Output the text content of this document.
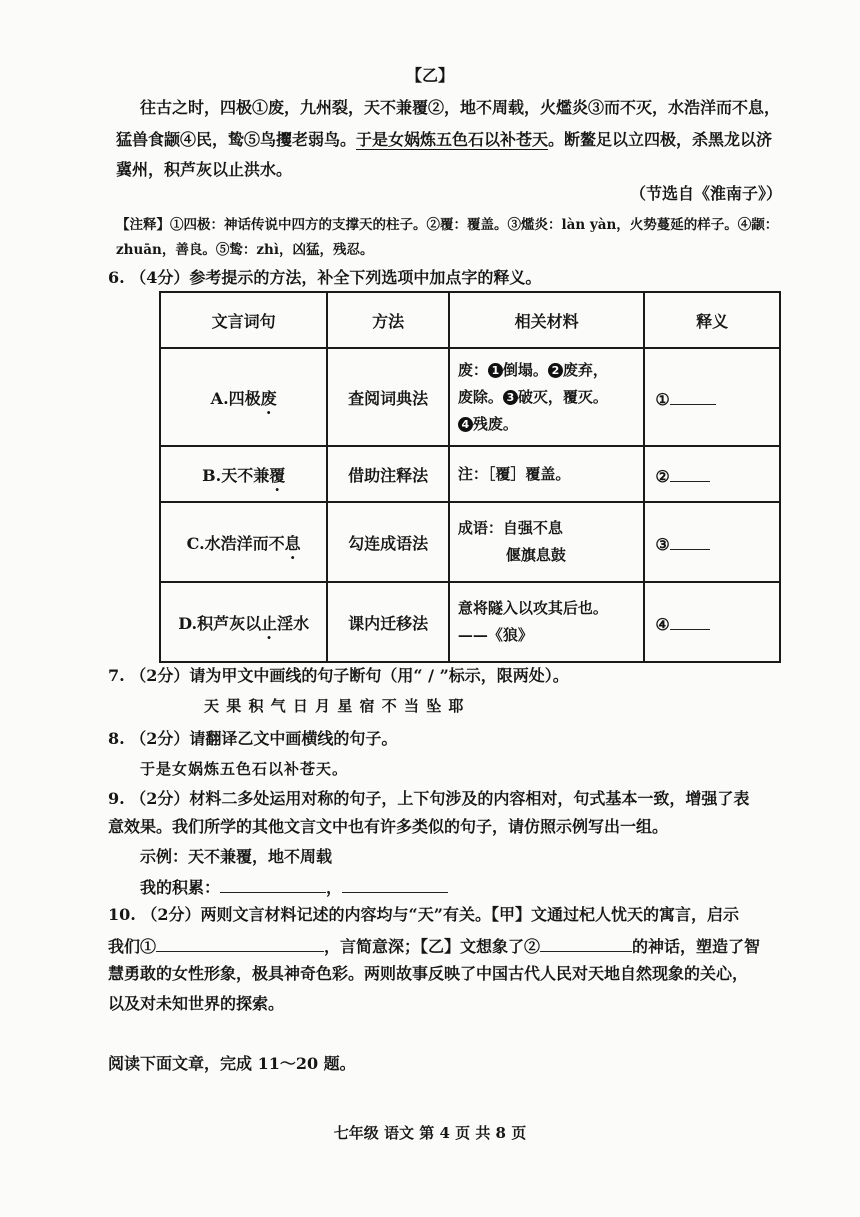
【乙】
往古之时，四极①废，九州裂，天不兼覆②，地不周载，火爁炎③而不灭，水浩洋而不息，
猛兽食颛④民，鸷⑤鸟攫老弱鸟。于是女娲炼五色石以补苍天。断鳌足以立四极，杀黑龙以济
冀州，积芦灰以止洪水。
（节选自《淮南子》）
【注释】①四极：神话传说中四方的支撑天的柱子。②覆：覆盖。③爁炎：làn yàn，火势蔓延的样子。④颛：
zhuān，善良。⑤鸷：zhì，凶猛，残忍。
6. （4分）参考提示的方法，补全下列选项中加点字的释义。
文言词句	方法	相关材料	释义
A.四极废	查阅词典法	废： 1 倒塌。 2 废弃，
废除。 3 破灭，覆灭。
4 残废。	①
B.天不兼覆	借助注释法	注：［覆］覆盖。	②
C.水浩洋而不息	勾连成语法	成语：自强不息
偃旗息鼓	③
D.积芦灰以止淫水	课内迁移法	意将隧入以攻其后也。
——《狼》	④
7. （2分）请为甲文中画线的句子断句（用“ / ”标示，限两处）。
天 果 积 气 日 月 星 宿 不 当 坠 耶
8. （2分）请翻译乙文中画横线的句子。
于是女娲炼五色石以补苍天。
9. （2分）材料二多处运用对称的句子，上下句涉及的内容相对，句式基本一致，增强了表
意效果。我们所学的其他文言文中也有许多类似的句子，请仿照示例写出一组。
示例：天不兼覆，地不周载
我的积累：	，
10. （2分）两则文言材料记述的内容均与“天”有关。【甲】文通过杞人忧天的寓言，启示
我们①	，言简意深；【乙】文想象了②	的神话，塑造了智
慧勇敢的女性形象，极具神奇色彩。两则故事反映了中国古代人民对天地自然现象的关心，
以及对未知世界的探索。
阅读下面文章，完成 11～20 题。
七年级 语文 第 4 页 共 8 页
